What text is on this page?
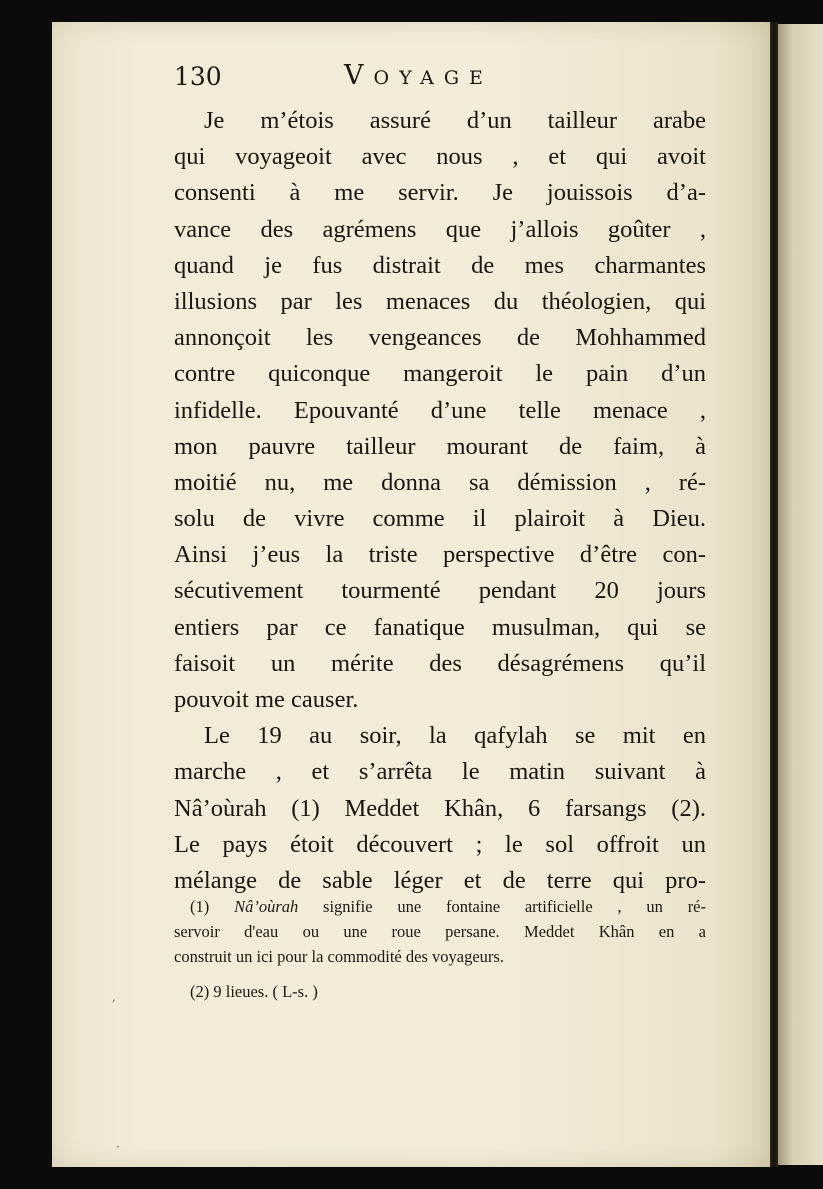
130	Voyage
Je m’étois assuré d’un tailleur arabe
qui voyageoit avec nous , et qui avoit
consenti à me servir. Je jouissois d’a-
vance des agrémens que j’allois goûter ,
quand je fus distrait de mes charmantes
illusions par les menaces du théologien, qui
annonçoit les vengeances de Mohhammed
contre quiconque mangeroit le pain d’un
infidelle. Epouvanté d’une telle menace ,
mon pauvre tailleur mourant de faim, à
moitié nu, me donna sa démission , ré-
solu de vivre comme il plairoit à Dieu.
Ainsi j’eus la triste perspective d’être con-
sécutivement tourmenté pendant 20 jours
entiers par ce fanatique musulman, qui se
faisoit un mérite des désagrémens qu’il
pouvoit me causer.
Le 19 au soir, la qafylah se mit en
marche , et s’arrêta le matin suivant à
Nâ’oùrah (1) Meddet Khân, 6 farsangs (2).
Le pays étoit découvert ; le sol offroit un
mélange de sable léger et de terre qui pro-
(1) Nâ’oùrah signifie une fontaine artificielle , un ré-
servoir d'eau ou une roue persane. Meddet Khân en a
construit un ici pour la commodité des voyageurs.
(2) 9 lieues. ( L-s. )
,
·
